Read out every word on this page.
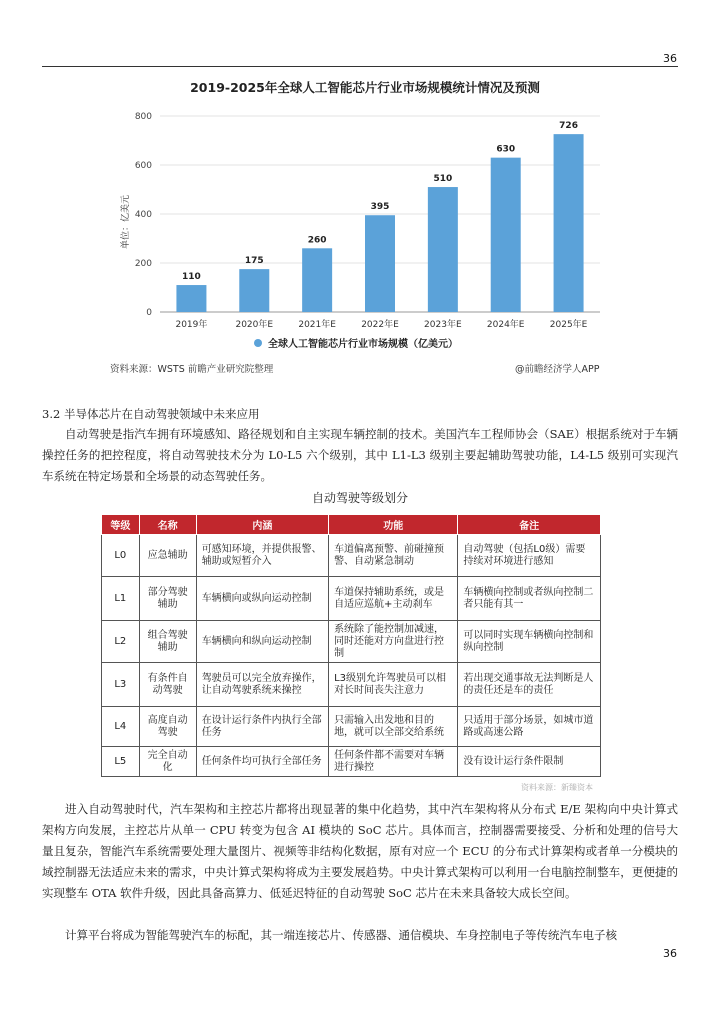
36
0
200
400
600
800
110
175
260
395
510
630
726
2019年	2020年E	2021年E	2022年E	2023年E	2024年E	2025年E
单位：亿美元
全球人工智能芯片行业市场规模（亿美元）
2019-2025年全球人工智能芯片行业市场规模统计情况及预测
资料来源：WSTS 前瞻产业研究院整理	@前瞻经济学人APP
3.2 半导体芯片在自动驾驶领域中未来应用

自动驾驶是指汽车拥有环境感知、路径规划和自主实现车辆控制的技术。美国汽车工程师协会（SAE）根据系统对于车辆操控任务的把控程度，将自动驾驶技术分为 L0-L5 六个级别，其中 L1-L3 级别主要起辅助驾驶功能，L4-L5 级别可实现汽车系统在特定场景和全场景的动态驾驶任务。

自动驾驶等级划分
等级	名称	内涵	功能	备注
L0	应急辅助	可感知环境，并提供报警、辅助或短暂介入	车道偏离预警、前碰撞预警、自动紧急制动	自动驾驶（包括L0级）需要持续对环境进行感知
L1	部分驾驶辅助	车辆横向或纵向运动控制	车道保持辅助系统，或是自适应巡航+主动刹车	车辆横向控制或者纵向控制二者只能有其一
L2	组合驾驶辅助	车辆横向和纵向运动控制	系统除了能控制加减速，同时还能对方向盘进行控制	可以同时实现车辆横向控制和纵向控制
L3	有条件自动驾驶	驾驶员可以完全放弃操作，让自动驾驶系统来操控	L3级别允许驾驶员可以相对长时间丧失注意力	若出现交通事故无法判断是人的责任还是车的责任
L4	高度自动驾驶	在设计运行条件内执行全部任务	只需输入出发地和目的地，就可以全部交给系统	只适用于部分场景，如城市道路或高速公路
L5	完全自动化	任何条件均可执行全部任务	任何条件都不需要对车辆进行操控	没有设计运行条件限制
资料来源：新臻资本

进入自动驾驶时代，汽车架构和主控芯片都将出现显著的集中化趋势，其中汽车架构将从分布式 E/E 架构向中央计算式架构方向发展，主控芯片从单一 CPU 转变为包含 AI 模块的 SoC 芯片。具体而言，控制器需要接受、分析和处理的信号大量且复杂，智能汽车系统需要处理大量图片、视频等非结构化数据，原有对应一个 ECU 的分布式计算架构或者单一分模块的域控制器无法适应未来的需求，中央计算式架构将成为主要发展趋势。中央计算式架构可以利用一台电脑控制整车，更便捷的实现整车 OTA 软件升级，因此具备高算力、低延迟特征的自动驾驶 SoC 芯片在未来具备较大成长空间。

计算平台将成为智能驾驶汽车的标配，其一端连接芯片、传感器、通信模块、车身控制电子等传统汽车电子核

36
